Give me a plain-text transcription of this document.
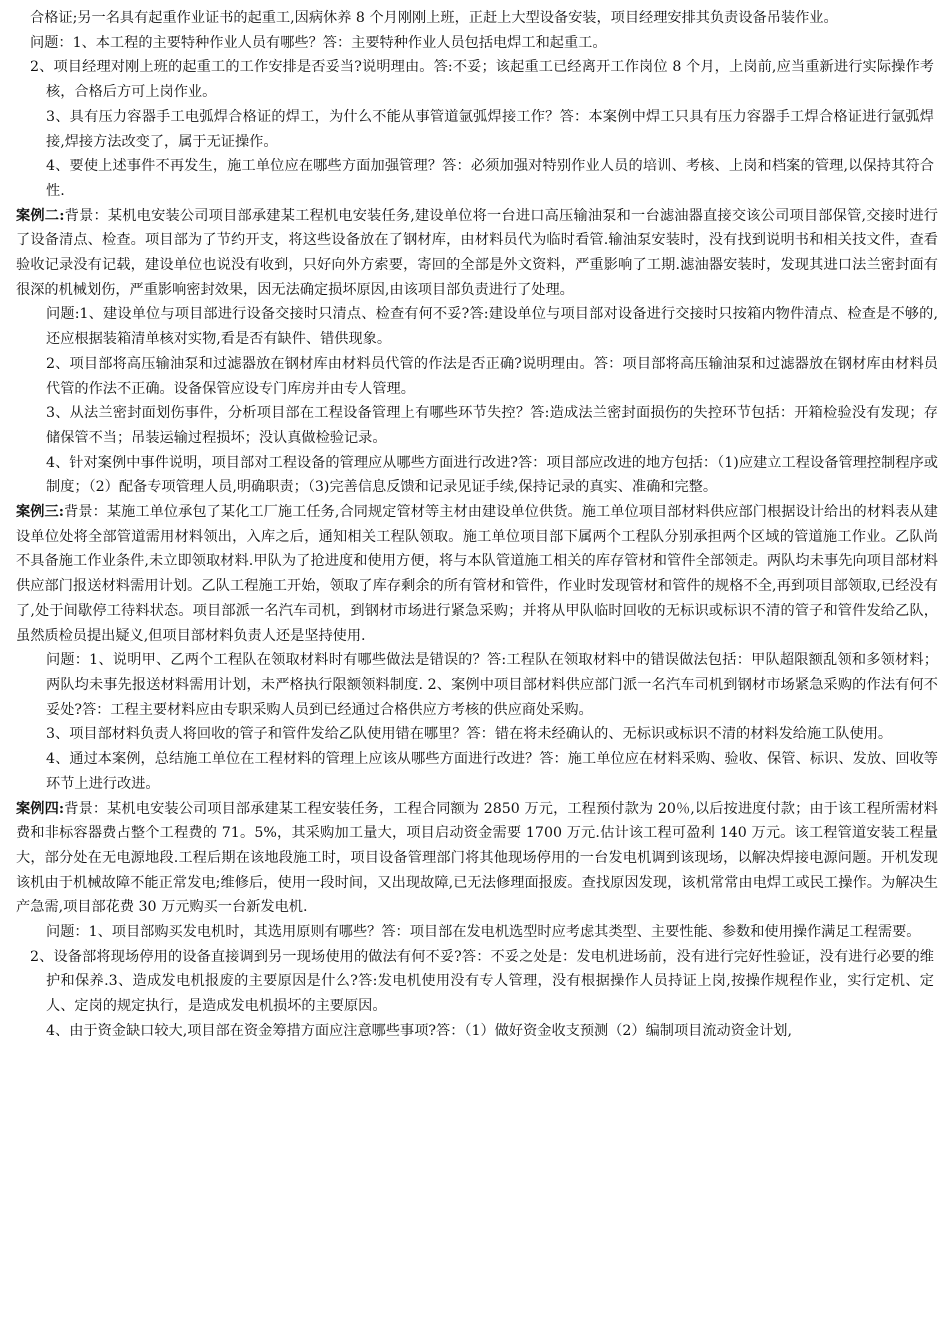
合格证;另一名具有起重作业证书的起重工,因病休养 8 个月刚刚上班，正赶上大型设备安装，项目经理安排其负责设备吊装作业。

问题：1、本工程的主要特种作业人员有哪些？答：主要特种作业人员包括电焊工和起重工。

2、项目经理对刚上班的起重工的工作安排是否妥当?说明理由。答:不妥；该起重工已经离开工作岗位 8 个月，上岗前,应当重新进行实际操作考核，合格后方可上岗作业。

3、具有压力容器手工电弧焊合格证的焊工，为什么不能从事管道氩弧焊接工作？答：本案例中焊工只具有压力容器手工焊合格证进行氩弧焊接,焊接方法改变了，属于无证操作。

4、要使上述事件不再发生，施工单位应在哪些方面加强管理？答：必须加强对特别作业人员的培训、考核、上岗和档案的管理,以保持其符合性.

案例二:背景：某机电安装公司项目部承建某工程机电安装任务,建设单位将一台进口高压输油泵和一台滤油器直接交该公司项目部保管,交接时进行了设备清点、检查。项目部为了节约开支，将这些设备放在了钢材库，由材料员代为临时看管.输油泵安装时，没有找到说明书和相关技文件，查看验收记录没有记载，建设单位也说没有收到，只好向外方索要，寄回的全部是外文资料，严重影响了工期.滤油器安装时，发现其进口法兰密封面有很深的机械划伤，严重影响密封效果，因无法确定损坏原因,由该项目部负责进行了处理。

问题:1、建设单位与项目部进行设备交接时只清点、检查有何不妥?答:建设单位与项目部对设备进行交接时只按箱内物件清点、检查是不够的,还应根据装箱清单核对实物,看是否有缺件、错供现象。

2、项目部将高压输油泵和过滤器放在钢材库由材料员代管的作法是否正确?说明理由。答：项目部将高压输油泵和过滤器放在钢材库由材料员代管的作法不正确。设备保管应设专门库房并由专人管理。

3、从法兰密封面划伤事件，分析项目部在工程设备管理上有哪些环节失控？答:造成法兰密封面损伤的失控环节包括：开箱检验没有发现；存储保管不当；吊装运输过程损坏；没认真做检验记录。

4、针对案例中事件说明，项目部对工程设备的管理应从哪些方面进行改进?答：项目部应改进的地方包括：（1)应建立工程设备管理控制程序或制度；（2）配备专项管理人员,明确职责；（3)完善信息反馈和记录见证手续,保持记录的真实、准确和完整。

案例三:背景：某施工单位承包了某化工厂施工任务,合同规定管材等主材由建设单位供货。施工单位项目部材料供应部门根据设计给出的材料表从建设单位处将全部管道需用材料领出，入库之后，通知相关工程队领取。施工单位项目部下属两个工程队分别承担两个区域的管道施工作业。乙队尚不具备施工作业条件,未立即领取材料.甲队为了抢进度和使用方便，将与本队管道施工相关的库存管材和管件全部领走。两队均未事先向项目部材料供应部门报送材料需用计划。乙队工程施工开始，领取了库存剩余的所有管材和管件，作业时发现管材和管件的规格不全,再到项目部领取,已经没有了,处于间歇停工待料状态。项目部派一名汽车司机，到钢材市场进行紧急采购；并将从甲队临时回收的无标识或标识不清的管子和管件发给乙队，虽然质检员提出疑义,但项目部材料负责人还是坚持使用.

问题：1、说明甲、乙两个工程队在领取材料时有哪些做法是错误的？答:工程队在领取材料中的错误做法包括：甲队超限额乱领和多领材料；两队均未事先报送材料需用计划，未严格执行限额领料制度. 2、案例中项目部材料供应部门派一名汽车司机到钢材市场紧急采购的作法有何不妥处?答：工程主要材料应由专职采购人员到已经通过合格供应方考核的供应商处采购。

3、项目部材料负责人将回收的管子和管件发给乙队使用错在哪里？答：错在将未经确认的、无标识或标识不清的材料发给施工队使用。

4、通过本案例，总结施工单位在工程材料的管理上应该从哪些方面进行改进？答：施工单位应在材料采购、验收、保管、标识、发放、回收等环节上进行改进。

案例四:背景：某机电安装公司项目部承建某工程安装任务，工程合同额为 2850 万元，工程预付款为 20％,以后按进度付款；由于该工程所需材料费和非标容器费占整个工程费的 71。5%，其采购加工量大，项目启动资金需要 1700 万元.估计该工程可盈利 140 万元。该工程管道安装工程量大，部分处在无电源地段.工程后期在该地段施工时，项目设备管理部门将其他现场停用的一台发电机调到该现场，以解决焊接电源问题。开机发现该机由于机械故障不能正常发电;维修后，使用一段时间，又出现故障,已无法修理面报废。查找原因发现，该机常常由电焊工或民工操作。为解决生产急需,项目部花费 30 万元购买一台新发电机.

问题：1、项目部购买发电机时，其选用原则有哪些？答：项目部在发电机选型时应考虑其类型、主要性能、参数和使用操作满足工程需要。

2、设备部将现场停用的设备直接调到另一现场使用的做法有何不妥?答：不妥之处是：发电机进场前，没有进行完好性验证，没有进行必要的维护和保养.3、造成发电机报废的主要原因是什么?答:发电机使用没有专人管理，没有根据操作人员持证上岗,按操作规程作业，实行定机、定人、定岗的规定执行，是造成发电机损坏的主要原因。

4、由于资金缺口较大,项目部在资金筹措方面应注意哪些事项?答：（1）做好资金收支预测（2）编制项目流动资金计划,
